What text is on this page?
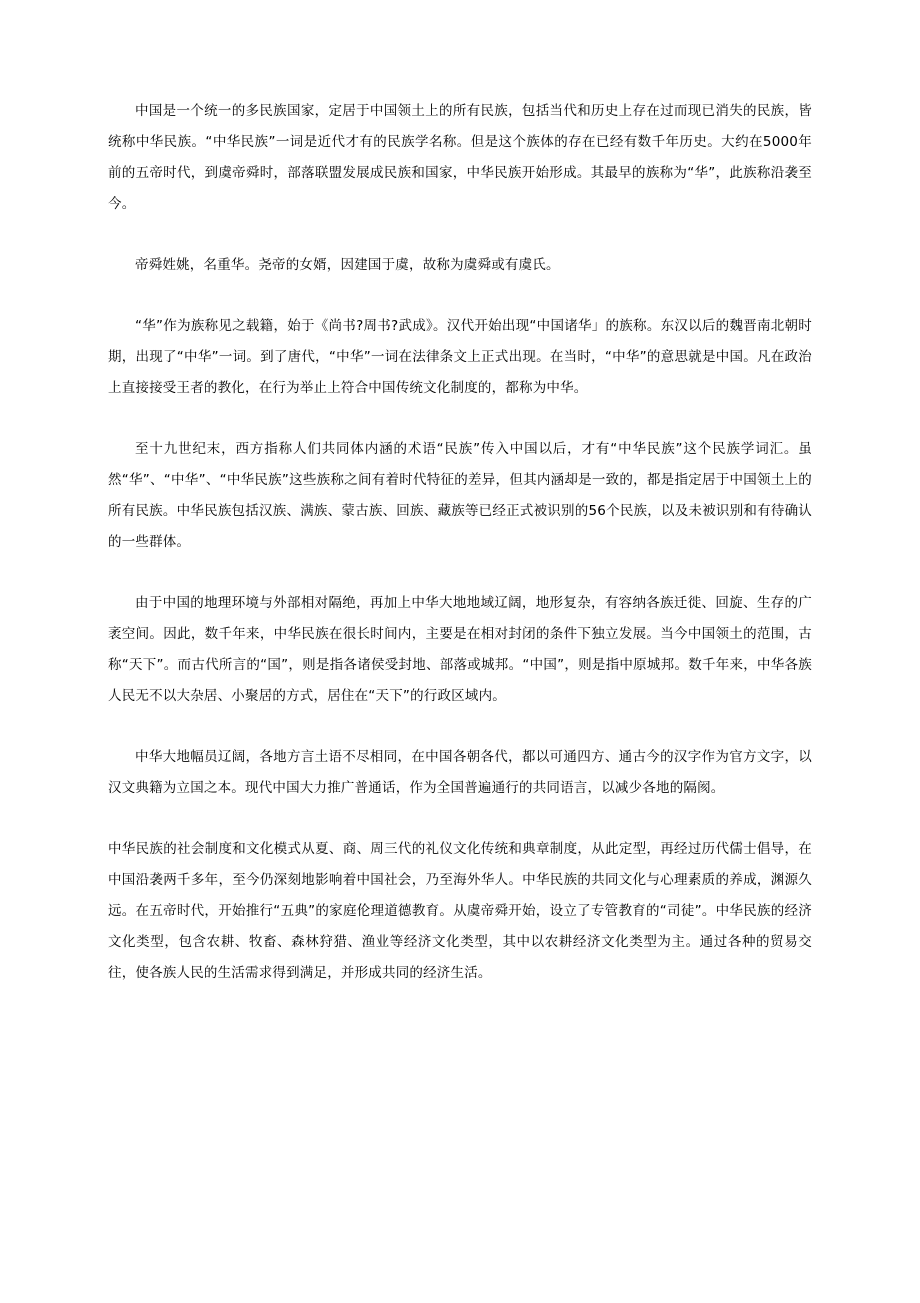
中国是一个统一的多民族国家，定居于中国领土上的所有民族，包括当代和历史上存在过而现已消失的民族，皆统称中华民族。“中华民族”一词是近代才有的民族学名称。但是这个族体的存在已经有数千年历史。大约在5000年前的五帝时代，到虞帝舜时，部落联盟发展成民族和国家，中华民族开始形成。其最早的族称为“华”，此族称沿袭至今。

帝舜姓姚，名重华。尧帝的女婿，因建国于虞，故称为虞舜或有虞氏。

“华”作为族称见之载籍，始于《尚书?周书?武成》。汉代开始出现“中国诸华」的族称。东汉以后的魏晋南北朝时期，出现了“中华”一词。到了唐代，“中华”一词在法律条文上正式出现。在当时，“中华”的意思就是中国。凡在政治上直接接受王者的教化，在行为举止上符合中国传统文化制度的，都称为中华。

至十九世纪末，西方指称人们共同体内涵的术语“民族”传入中国以后，才有“中华民族”这个民族学词汇。虽然“华”、“中华”、“中华民族”这些族称之间有着时代特征的差异，但其内涵却是一致的，都是指定居于中国领土上的所有民族。中华民族包括汉族、满族、蒙古族、回族、藏族等已经正式被识别的56个民族，以及未被识别和有待确认的一些群体。

由于中国的地理环境与外部相对隔绝，再加上中华大地地域辽阔，地形复杂，有容纳各族迁徙、回旋、生存的广袤空间。因此，数千年来，中华民族在很长时间内，主要是在相对封闭的条件下独立发展。当今中国领土的范围，古称“天下”。而古代所言的“国”，则是指各诸侯受封地、部落或城邦。“中国”，则是指中原城邦。数千年来，中华各族人民无不以大杂居、小聚居的方式，居住在“天下”的行政区域内。

中华大地幅员辽阔，各地方言土语不尽相同，在中国各朝各代，都以可通四方、通古今的汉字作为官方文字，以汉文典籍为立国之本。现代中国大力推广普通话，作为全国普遍通行的共同语言，以减少各地的隔阂。

中华民族的社会制度和文化模式从夏、商、周三代的礼仪文化传统和典章制度，从此定型，再经过历代儒士倡导，在中国沿袭两千多年，至今仍深刻地影响着中国社会，乃至海外华人。中华民族的共同文化与心理素质的养成，渊源久远。在五帝时代，开始推行“五典”的家庭伦理道德教育。从虞帝舜开始，设立了专管教育的“司徒”。中华民族的经济文化类型，包含农耕、牧畜、森林狩猎、渔业等经济文化类型，其中以农耕经济文化类型为主。通过各种的贸易交往，使各族人民的生活需求得到满足，并形成共同的经济生活。
